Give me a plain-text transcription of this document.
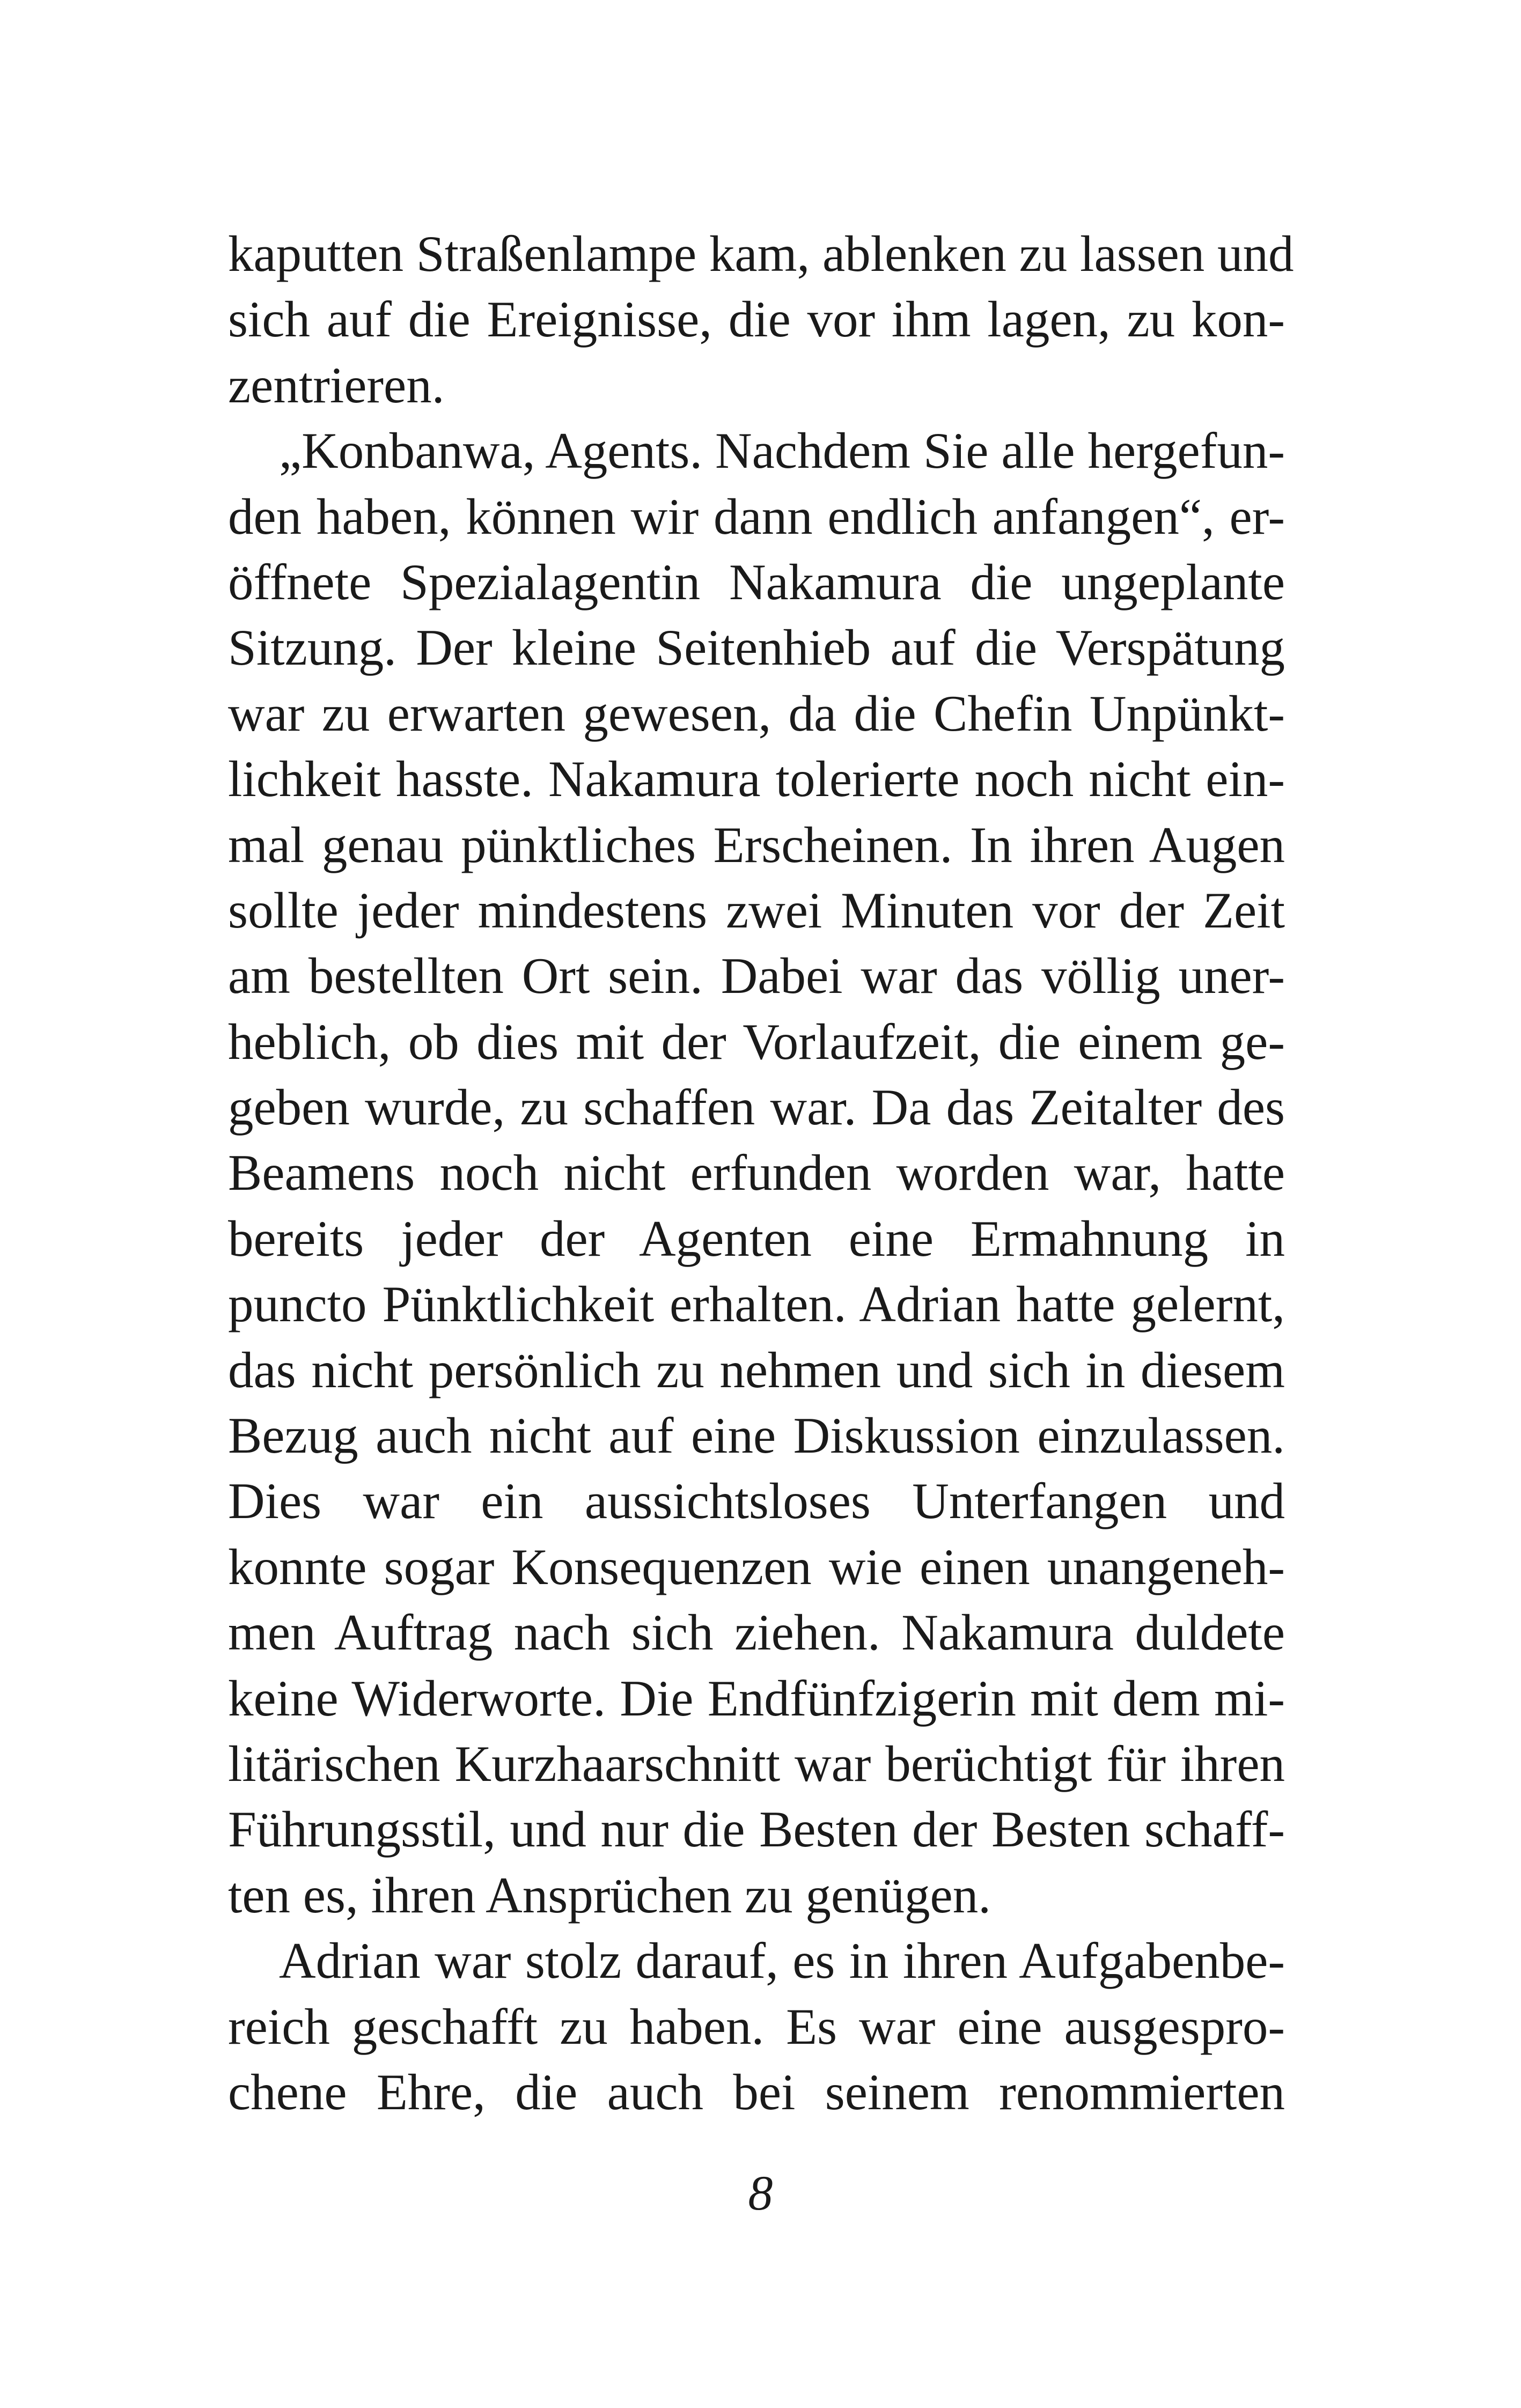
kaputten Straßenlampe kam, ablenken zu lassen und
sich auf die Ereignisse, die vor ihm lagen, zu kon-
zentrieren.
„Konbanwa, Agents. Nachdem Sie alle hergefun-
den haben, können wir dann endlich anfangen“, er-
öffnete Spezialagentin Nakamura die ungeplante
Sitzung. Der kleine Seitenhieb auf die Verspätung
war zu erwarten gewesen, da die Chefin Unpünkt-
lichkeit hasste. Nakamura tolerierte noch nicht ein-
mal genau pünktliches Erscheinen. In ihren Augen
sollte jeder mindestens zwei Minuten vor der Zeit
am bestellten Ort sein. Dabei war das völlig uner-
heblich, ob dies mit der Vorlaufzeit, die einem ge-
geben wurde, zu schaffen war. Da das Zeitalter des
Beamens noch nicht erfunden worden war, hatte
bereits jeder der Agenten eine Ermahnung in
puncto Pünktlichkeit erhalten. Adrian hatte gelernt,
das nicht persönlich zu nehmen und sich in diesem
Bezug auch nicht auf eine Diskussion einzulassen.
Dies war ein aussichtsloses Unterfangen und
konnte sogar Konsequenzen wie einen unangeneh-
men Auftrag nach sich ziehen. Nakamura duldete
keine Widerworte. Die Endfünfzigerin mit dem mi-
litärischen Kurzhaarschnitt war berüchtigt für ihren
Führungsstil, und nur die Besten der Besten schaff-
ten es, ihren Ansprüchen zu genügen.
Adrian war stolz darauf, es in ihren Aufgabenbe-
reich geschafft zu haben. Es war eine ausgespro-
chene Ehre, die auch bei seinem renommierten
8
